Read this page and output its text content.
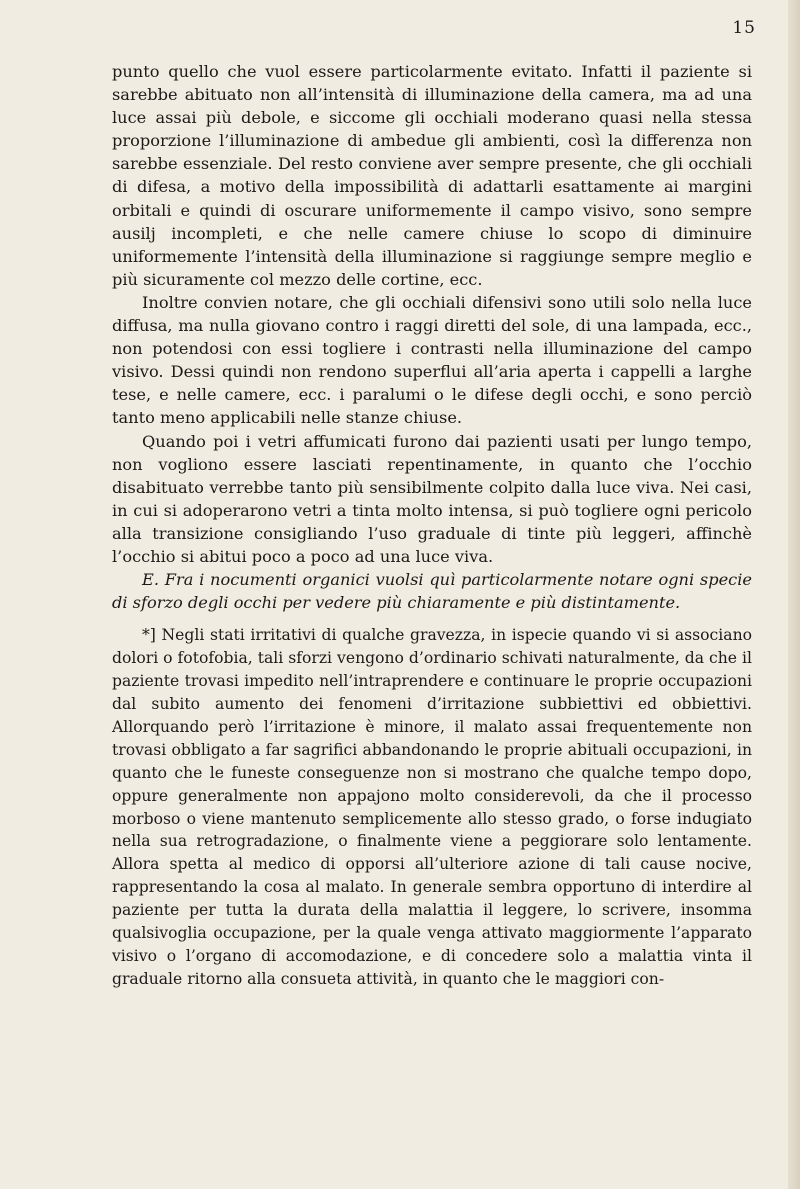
15

punto quello che vuol essere particolarmente evitato. Infatti il paziente si sarebbe abituato non all’intensità di illuminazione della camera, ma ad una luce assai più debole, e siccome gli occhiali moderano quasi nella stessa proporzione l’illuminazione di ambedue gli ambienti, così la differenza non sarebbe essenziale. Del resto conviene aver sempre presente, che gli occhiali di difesa, a motivo della impossibilità di adattarli esattamente ai margini orbitali e quindi di oscurare uniformemente il campo visivo, sono sempre ausilj incompleti, e che nelle camere chiuse lo scopo di diminuire uniformemente l’intensità della illuminazione si raggiunge sempre meglio e più sicuramente col mezzo delle cortine, ecc.

Inoltre convien notare, che gli occhiali difensivi sono utili solo nella luce diffusa, ma nulla giovano contro i raggi diretti del sole, di una lampada, ecc., non potendosi con essi togliere i contrasti nella illuminazione del campo visivo. Dessi quindi non rendono superflui all’aria aperta i cappelli a larghe tese, e nelle camere, ecc. i paralumi o le difese degli occhi, e sono perciò tanto meno applicabili nelle stanze chiuse.

Quando poi i vetri affumicati furono dai pazienti usati per lungo tempo, non vogliono essere lasciati repentinamente, in quanto che l’occhio disabituato verrebbe tanto più sensibilmente colpito dalla luce viva. Nei casi, in cui si adoperarono vetri a tinta molto intensa, si può togliere ogni pericolo alla transizione consigliando l’uso graduale di tinte più leggeri, affinchè l’occhio si abitui poco a poco ad una luce viva.

E. Fra i nocumenti organici vuolsi quì particolarmente notare ogni specie di sforzo degli occhi per vedere più chiaramente e più distintamente.

*] Negli stati irritativi di qualche gravezza, in ispecie quando vi si associano dolori o fotofobia, tali sforzi vengono d’ordinario schivati naturalmente, da che il paziente trovasi impedito nell’intraprendere e continuare le proprie occupazioni dal subito aumento dei fenomeni d’irritazione subbiettivi ed obbiettivi. Allorquando però l’irritazione è minore, il malato assai frequentemente non trovasi obbligato a far sagrifici abbandonando le proprie abituali occupazioni, in quanto che le funeste conseguenze non si mostrano che qualche tempo dopo, oppure generalmente non appajono molto considerevoli, da che il processo morboso o viene mantenuto semplicemente allo stesso grado, o forse indugiato nella sua retrogradazione, o finalmente viene a peggiorare solo lentamente. Allora spetta al medico di opporsi all’ulteriore azione di tali cause nocive, rappresentando la cosa al malato. In generale sembra opportuno di interdire al paziente per tutta la durata della malattia il leggere, lo scrivere, insomma qualsivoglia occupazione, per la quale venga attivato maggiormente l’apparato visivo o l’organo di accomodazione, e di concedere solo a malattia vinta il graduale ritorno alla consueta attività, in quanto che le maggiori con-
